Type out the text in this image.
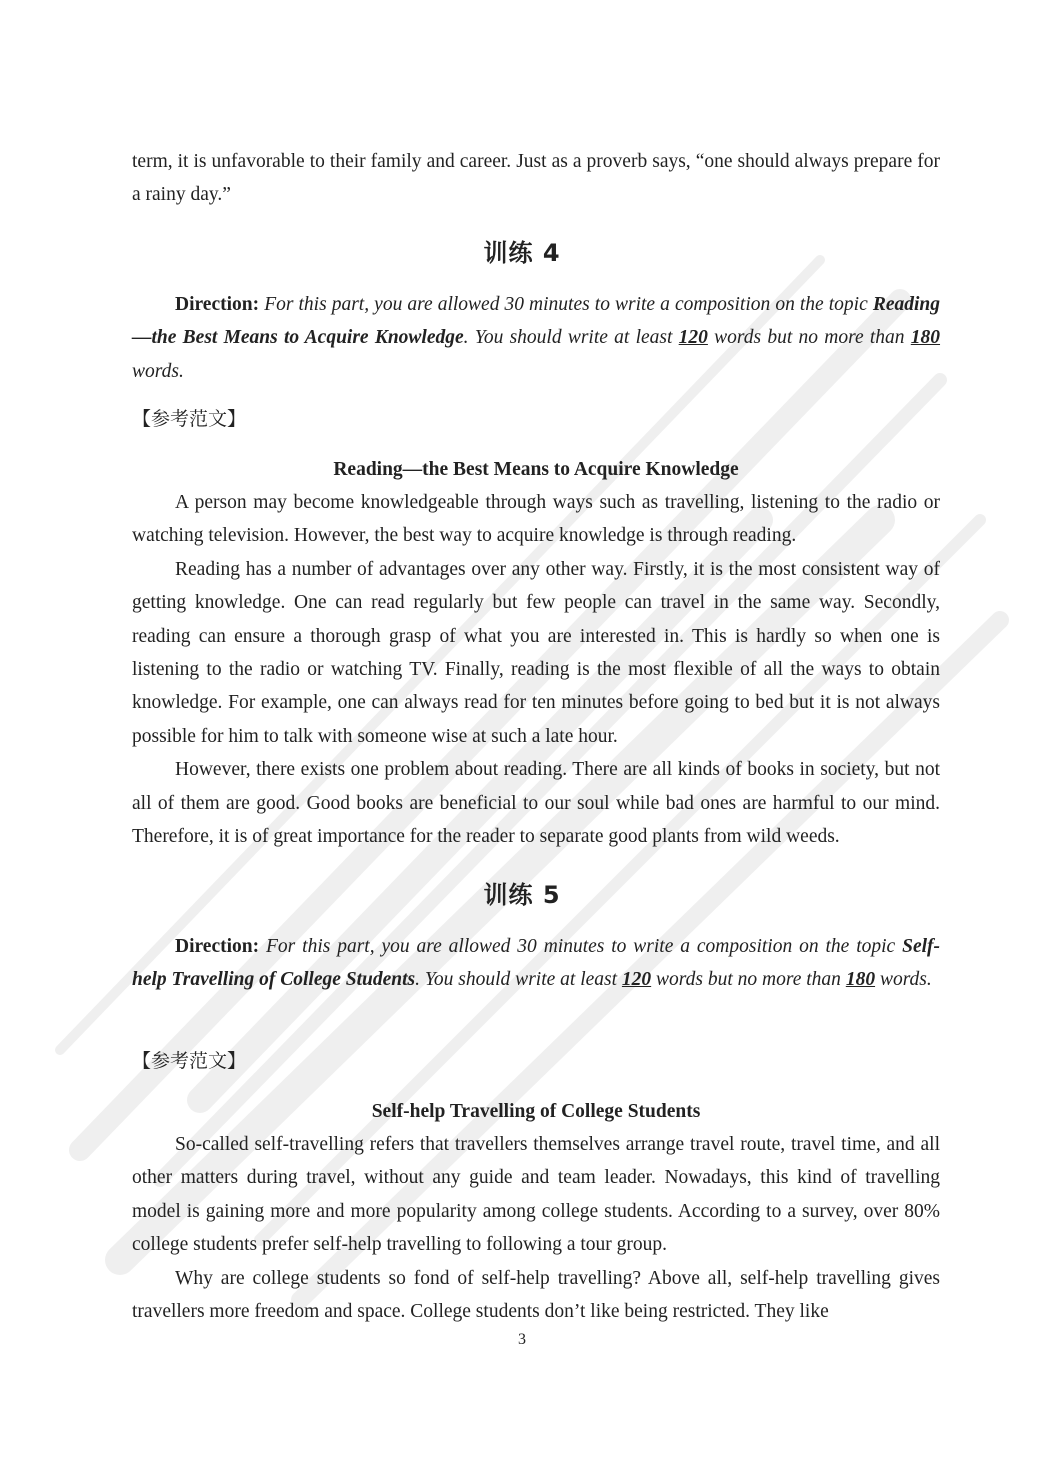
term, it is unfavorable to their family and career. Just as a proverb says, “one should always prepare for a rainy day.”

训练 4

Direction: For this part, you are allowed 30 minutes to write a composition on the topic Reading—the Best Means to Acquire Knowledge. You should write at least 120 words but no more than 180 words.

【参考范文】

Reading—the Best Means to Acquire Knowledge

A person may become knowledgeable through ways such as travelling, listening to the radio or watching television. However, the best way to acquire knowledge is through reading.

Reading has a number of advantages over any other way. Firstly, it is the most consistent way of getting knowledge. One can read regularly but few people can travel in the same way. Secondly, reading can ensure a thorough grasp of what you are interested in. This is hardly so when one is listening to the radio or watching TV. Finally, reading is the most flexible of all the ways to obtain knowledge. For example, one can always read for ten minutes before going to bed but it is not always possible for him to talk with someone wise at such a late hour.

However, there exists one problem about reading. There are all kinds of books in society, but not all of them are good. Good books are beneficial to our soul while bad ones are harmful to our mind. Therefore, it is of great importance for the reader to separate good plants from wild weeds.

训练 5

Direction: For this part, you are allowed 30 minutes to write a composition on the topic Self-help Travelling of College Students. You should write at least 120 words but no more than 180 words.

【参考范文】

Self-help Travelling of College Students

So-called self-travelling refers that travellers themselves arrange travel route, travel time, and all other matters during travel, without any guide and team leader. Nowadays, this kind of travelling model is gaining more and more popularity among college students. According to a survey, over 80% college students prefer self-help travelling to following a tour group.

Why are college students so fond of self-help travelling? Above all, self-help travelling gives travellers more freedom and space. College students don’t like being restricted. They like

3
